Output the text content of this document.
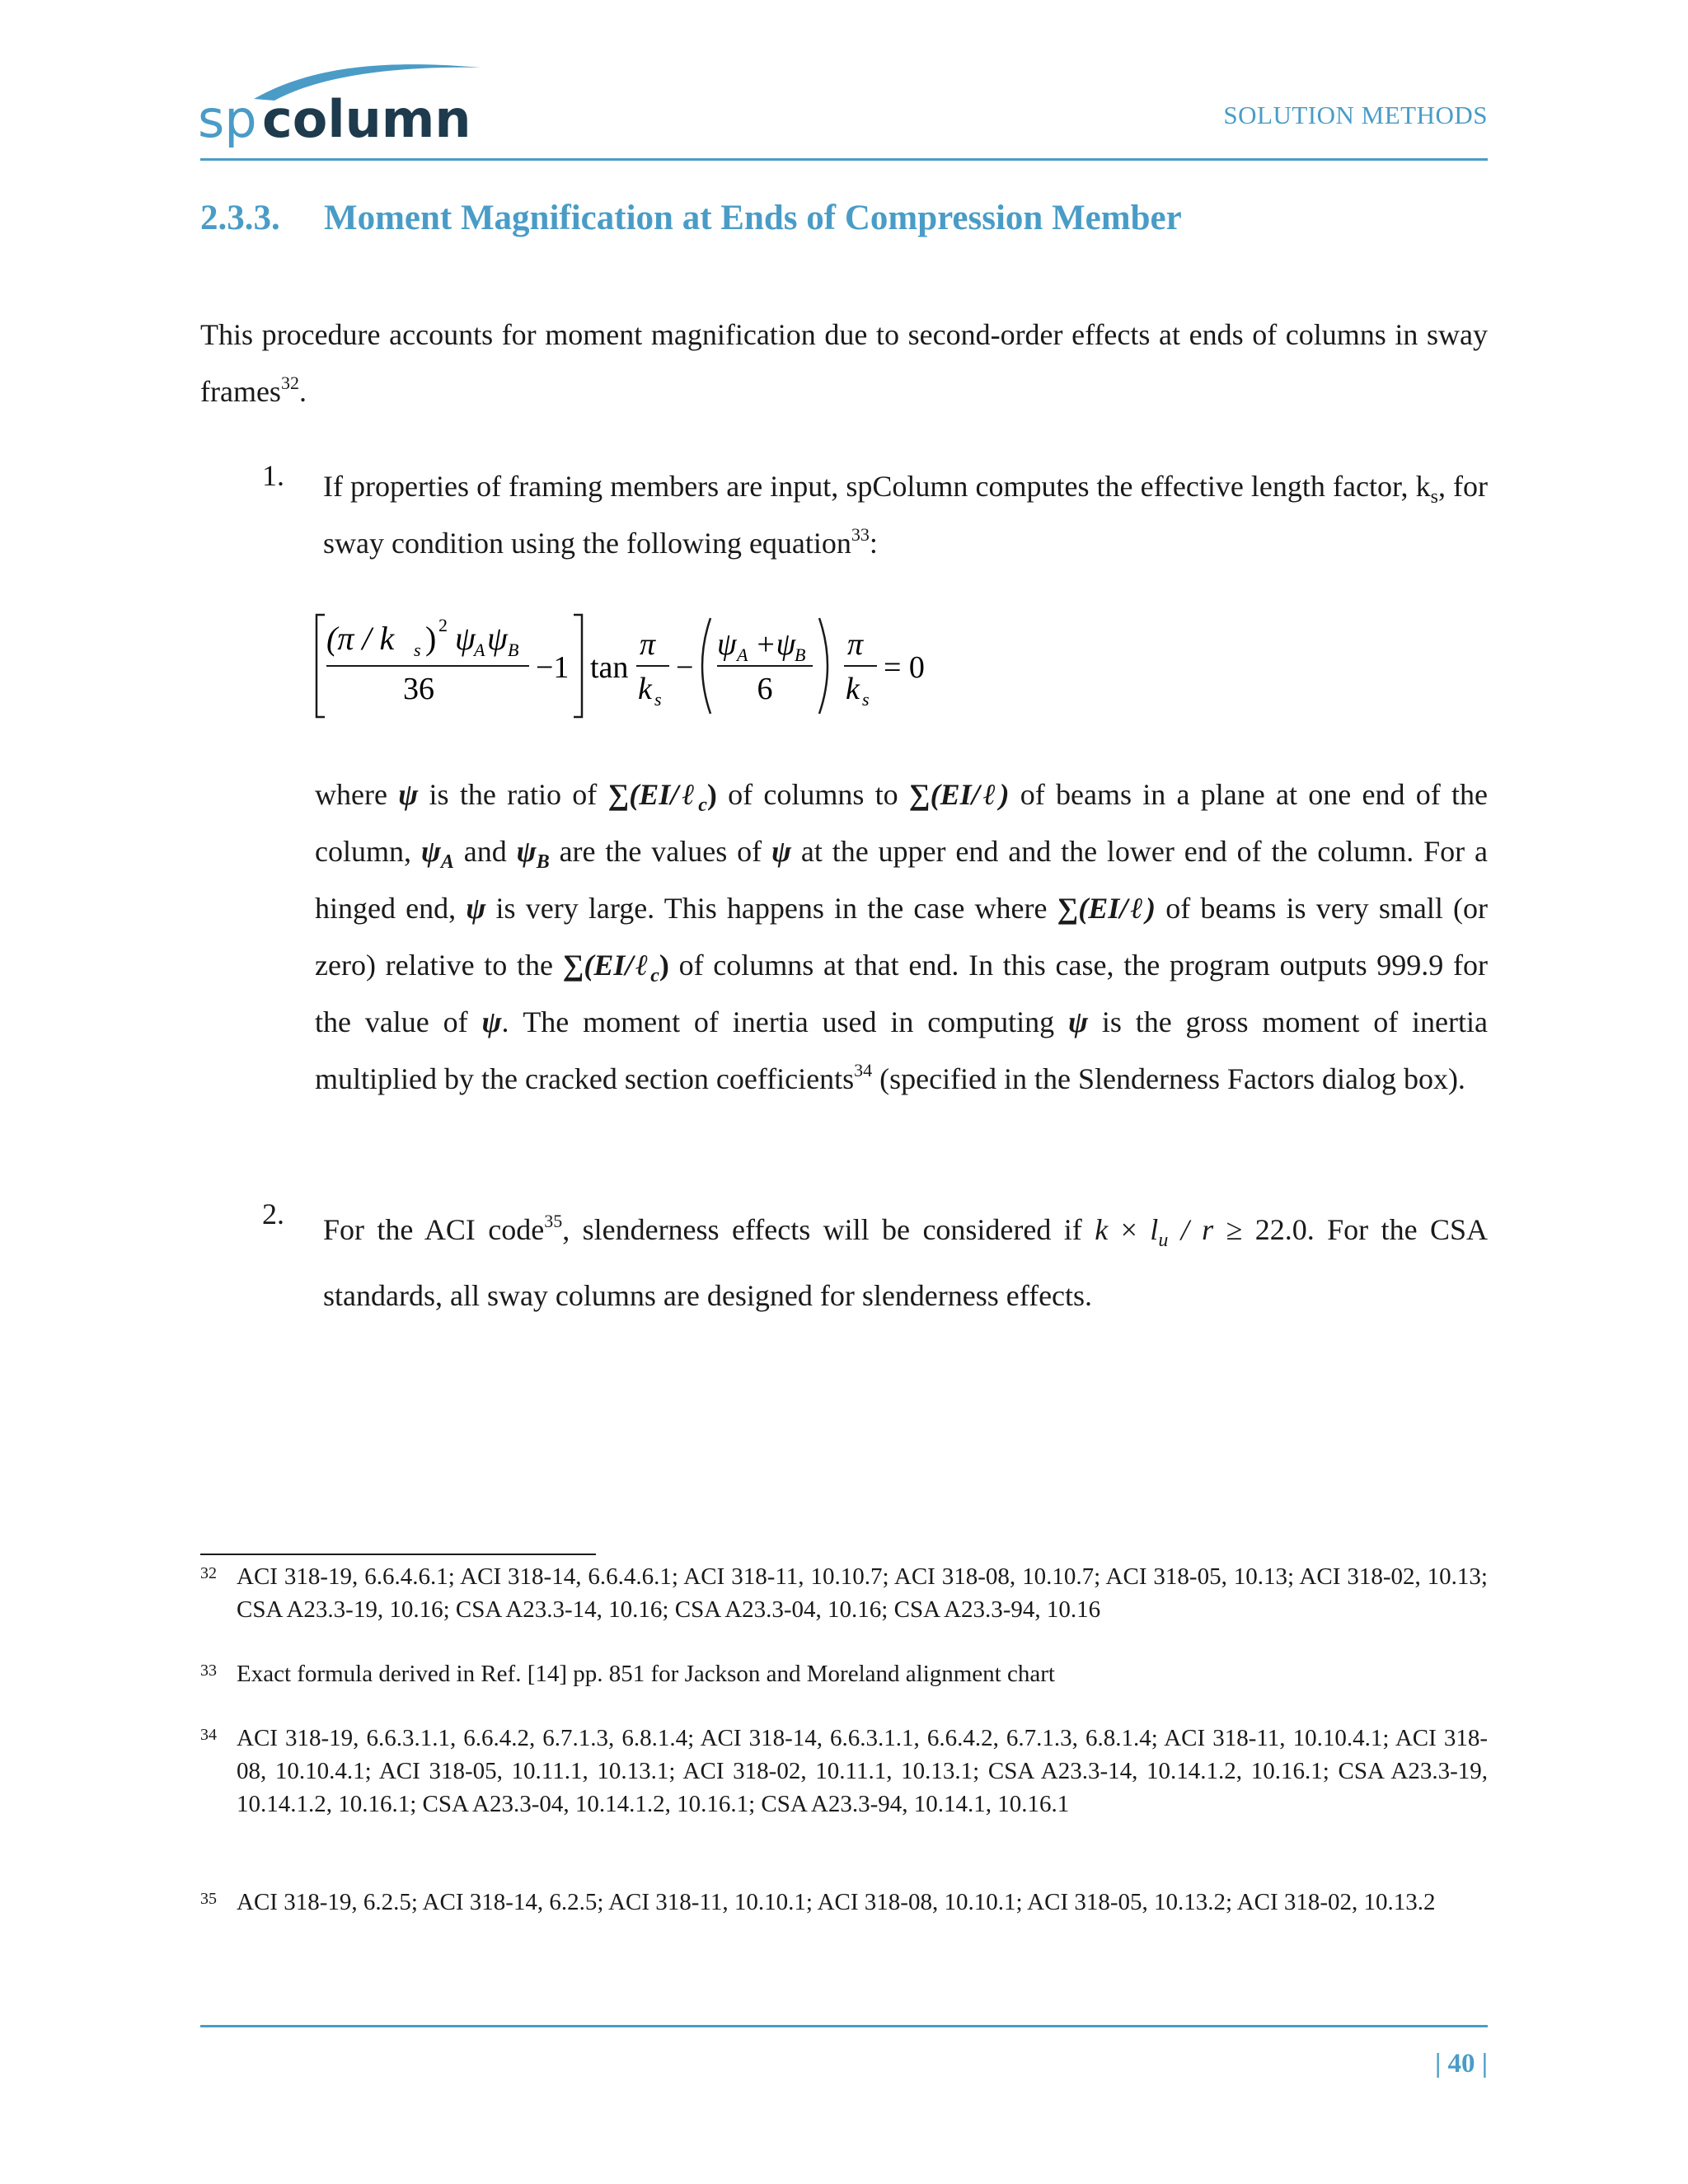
sp column	SOLUTION METHODS
2.3.3. Moment Magnification at Ends of Compression Member
This procedure accounts for moment magnification due to second-order effects at ends of columns in sway frames$^{32}$.
1. If properties of framing members are input, spColumn computes the effective length factor, $k_s$, for sway condition using the following equation$^{33}$:
(π / k s ) 2 ψ
A ψ B
36
−1 tan
π
k s
−
ψ A +ψ
B
6
π
k s
= 0
where ψ is the ratio of ∑(EI/ℓ$_c$) of columns to ∑(EI/ℓ) of beams in a plane at one end of the column, $\psi_A$ and $\psi_B$ are the values of ψ at the upper end and the lower end of the column. For a hinged end, ψ is very large. This happens in the case where ∑(EI/ℓ) of beams is very small (or zero) relative to the ∑(EI/ℓ$_c$) of columns at that end. In this case, the program outputs 999.9 for the value of ψ. The moment of inertia used in computing ψ is the gross moment of inertia multiplied by the cracked section coefficients$^{34}$ (specified in the Slenderness Factors dialog box).
2. For the ACI code$^{35}$, slenderness effects will be considered if $k \times l_u / r \ge 22.0$. For the CSA standards, all sway columns are designed for slenderness effects.
32 ACI 318-19, 6.6.4.6.1; ACI 318-14, 6.6.4.6.1; ACI 318-11, 10.10.7; ACI 318-08, 10.10.7; ACI 318-05, 10.13; ACI 318-02, 10.13; CSA A23.3-19, 10.16; CSA A23.3-14, 10.16; CSA A23.3-04, 10.16; CSA A23.3-94, 10.16
33 Exact formula derived in Ref. [14] pp. 851 for Jackson and Moreland alignment chart
34 ACI 318-19, 6.6.3.1.1, 6.6.4.2, 6.7.1.3, 6.8.1.4; ACI 318-14, 6.6.3.1.1, 6.6.4.2, 6.7.1.3, 6.8.1.4; ACI 318-11, 10.10.4.1; ACI 318-08, 10.10.4.1; ACI 318-05, 10.11.1, 10.13.1; ACI 318-02, 10.11.1, 10.13.1; CSA A23.3-14, 10.14.1.2, 10.16.1; CSA A23.3-19, 10.14.1.2, 10.16.1; CSA A23.3-04, 10.14.1.2, 10.16.1; CSA A23.3-94, 10.14.1, 10.16.1
35 ACI 318-19, 6.2.5; ACI 318-14, 6.2.5; ACI 318-11, 10.10.1; ACI 318-08, 10.10.1; ACI 318-05, 10.13.2; ACI 318-02, 10.13.2
| 40 |
